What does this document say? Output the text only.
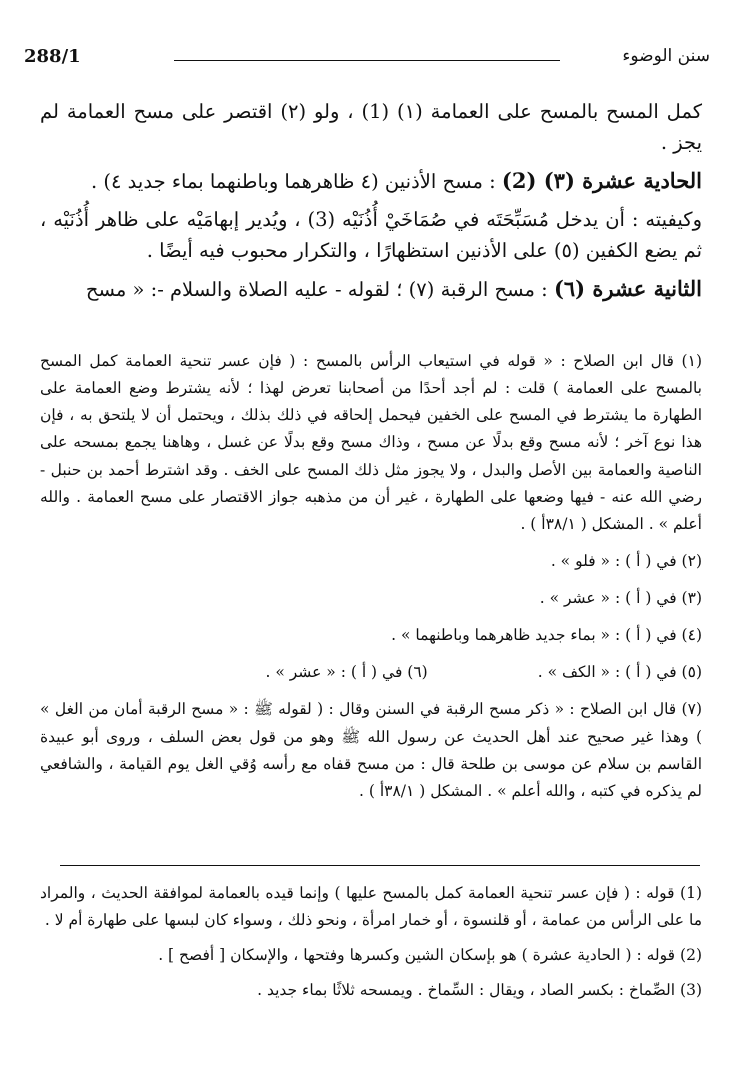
288/1	سنن الوضوء

كمل المسح بالمسح على العمامة (١) (1) ، ولو (٢) اقتصر على مسح العمامة لم يجز .

الحادية عشرة (٣) (2) : مسح الأذنين (٤ ظاهرهما وباطنهما بماء جديد ٤) .

وكيفيته : أن يدخل مُسَبِّحَتَه في صُمَاخَيْ أُذُنَيْه (3) ، ويُدير إبهامَيْه على ظاهر أُذُنَيْه ، ثم يضع الكفين (٥) على الأذنين استظهارًا ، والتكرار محبوب فيه أيضًا .

الثانية عشرة (٦) : مسح الرقبة (٧) ؛ لقوله - عليه الصلاة والسلام -: « مسح

(١) قال ابن الصلاح : « قوله في استيعاب الرأس بالمسح : ( فإن عسر تنحية العمامة كمل المسح بالمسح على العمامة ) قلت : لم أجد أحدًا من أصحابنا تعرض لهذا ؛ لأنه يشترط وضع العمامة على الطهارة ما يشترط في المسح على الخفين فيحمل إلحاقه في ذلك بذلك ، ويحتمل أن لا يلتحق به ، فإن هذا نوع آخر ؛ لأنه مسح وقع بدلًا عن مسح ، وذاك مسح وقع بدلًا عن غسل ، وهاهنا يجمع بمسحه على الناصية والعمامة بين الأصل والبدل ، ولا يجوز مثل ذلك المسح على الخف . وقد اشترط أحمد بن حنبل - رضي الله عنه - فيها وضعها على الطهارة ، غير أن من مذهبه جواز الاقتصار على مسح العمامة . والله أعلم » . المشكل ( ٣٨/١أ ) .

(٢) في ( أ ) : « فلو » .

(٣) في ( أ ) : « عشر » .

(٤) في ( أ ) : « بماء جديد ظاهرهما وباطنهما » .

(٥) في ( أ ) : « الكف » .
(٦) في ( أ ) : « عشر » .

(٧) قال ابن الصلاح : « ذكر مسح الرقبة في السنن وقال : ( لقوله ﷺ : « مسح الرقبة أمان من الغل » ) وهذا غير صحيح عند أهل الحديث عن رسول الله ﷺ وهو من قول بعض السلف ، وروى أبو عبيدة القاسم بن سلام عن موسى بن طلحة قال : من مسح قفاه مع رأسه وُقي الغل يوم القيامة ، والشافعي لم يذكره في كتبه ، والله أعلم » . المشكل ( ٣٨/١أ ) .

(1) قوله : ( فإن عسر تنحية العمامة كمل بالمسح عليها ) وإنما قيده بالعمامة لموافقة الحديث ، والمراد ما على الرأس من عمامة ، أو قلنسوة ، أو خمار امرأة ، ونحو ذلك ، وسواء كان لبسها على طهارة أم لا .

(2) قوله : ( الحادية عشرة ) هو بإسكان الشين وكسرها وفتحها ، والإسكان [ أفصح ] .

(3) الصِّماخ : بكسر الصاد ، ويقال : السِّماخ . ويمسحه ثلاثًا بماء جديد .
